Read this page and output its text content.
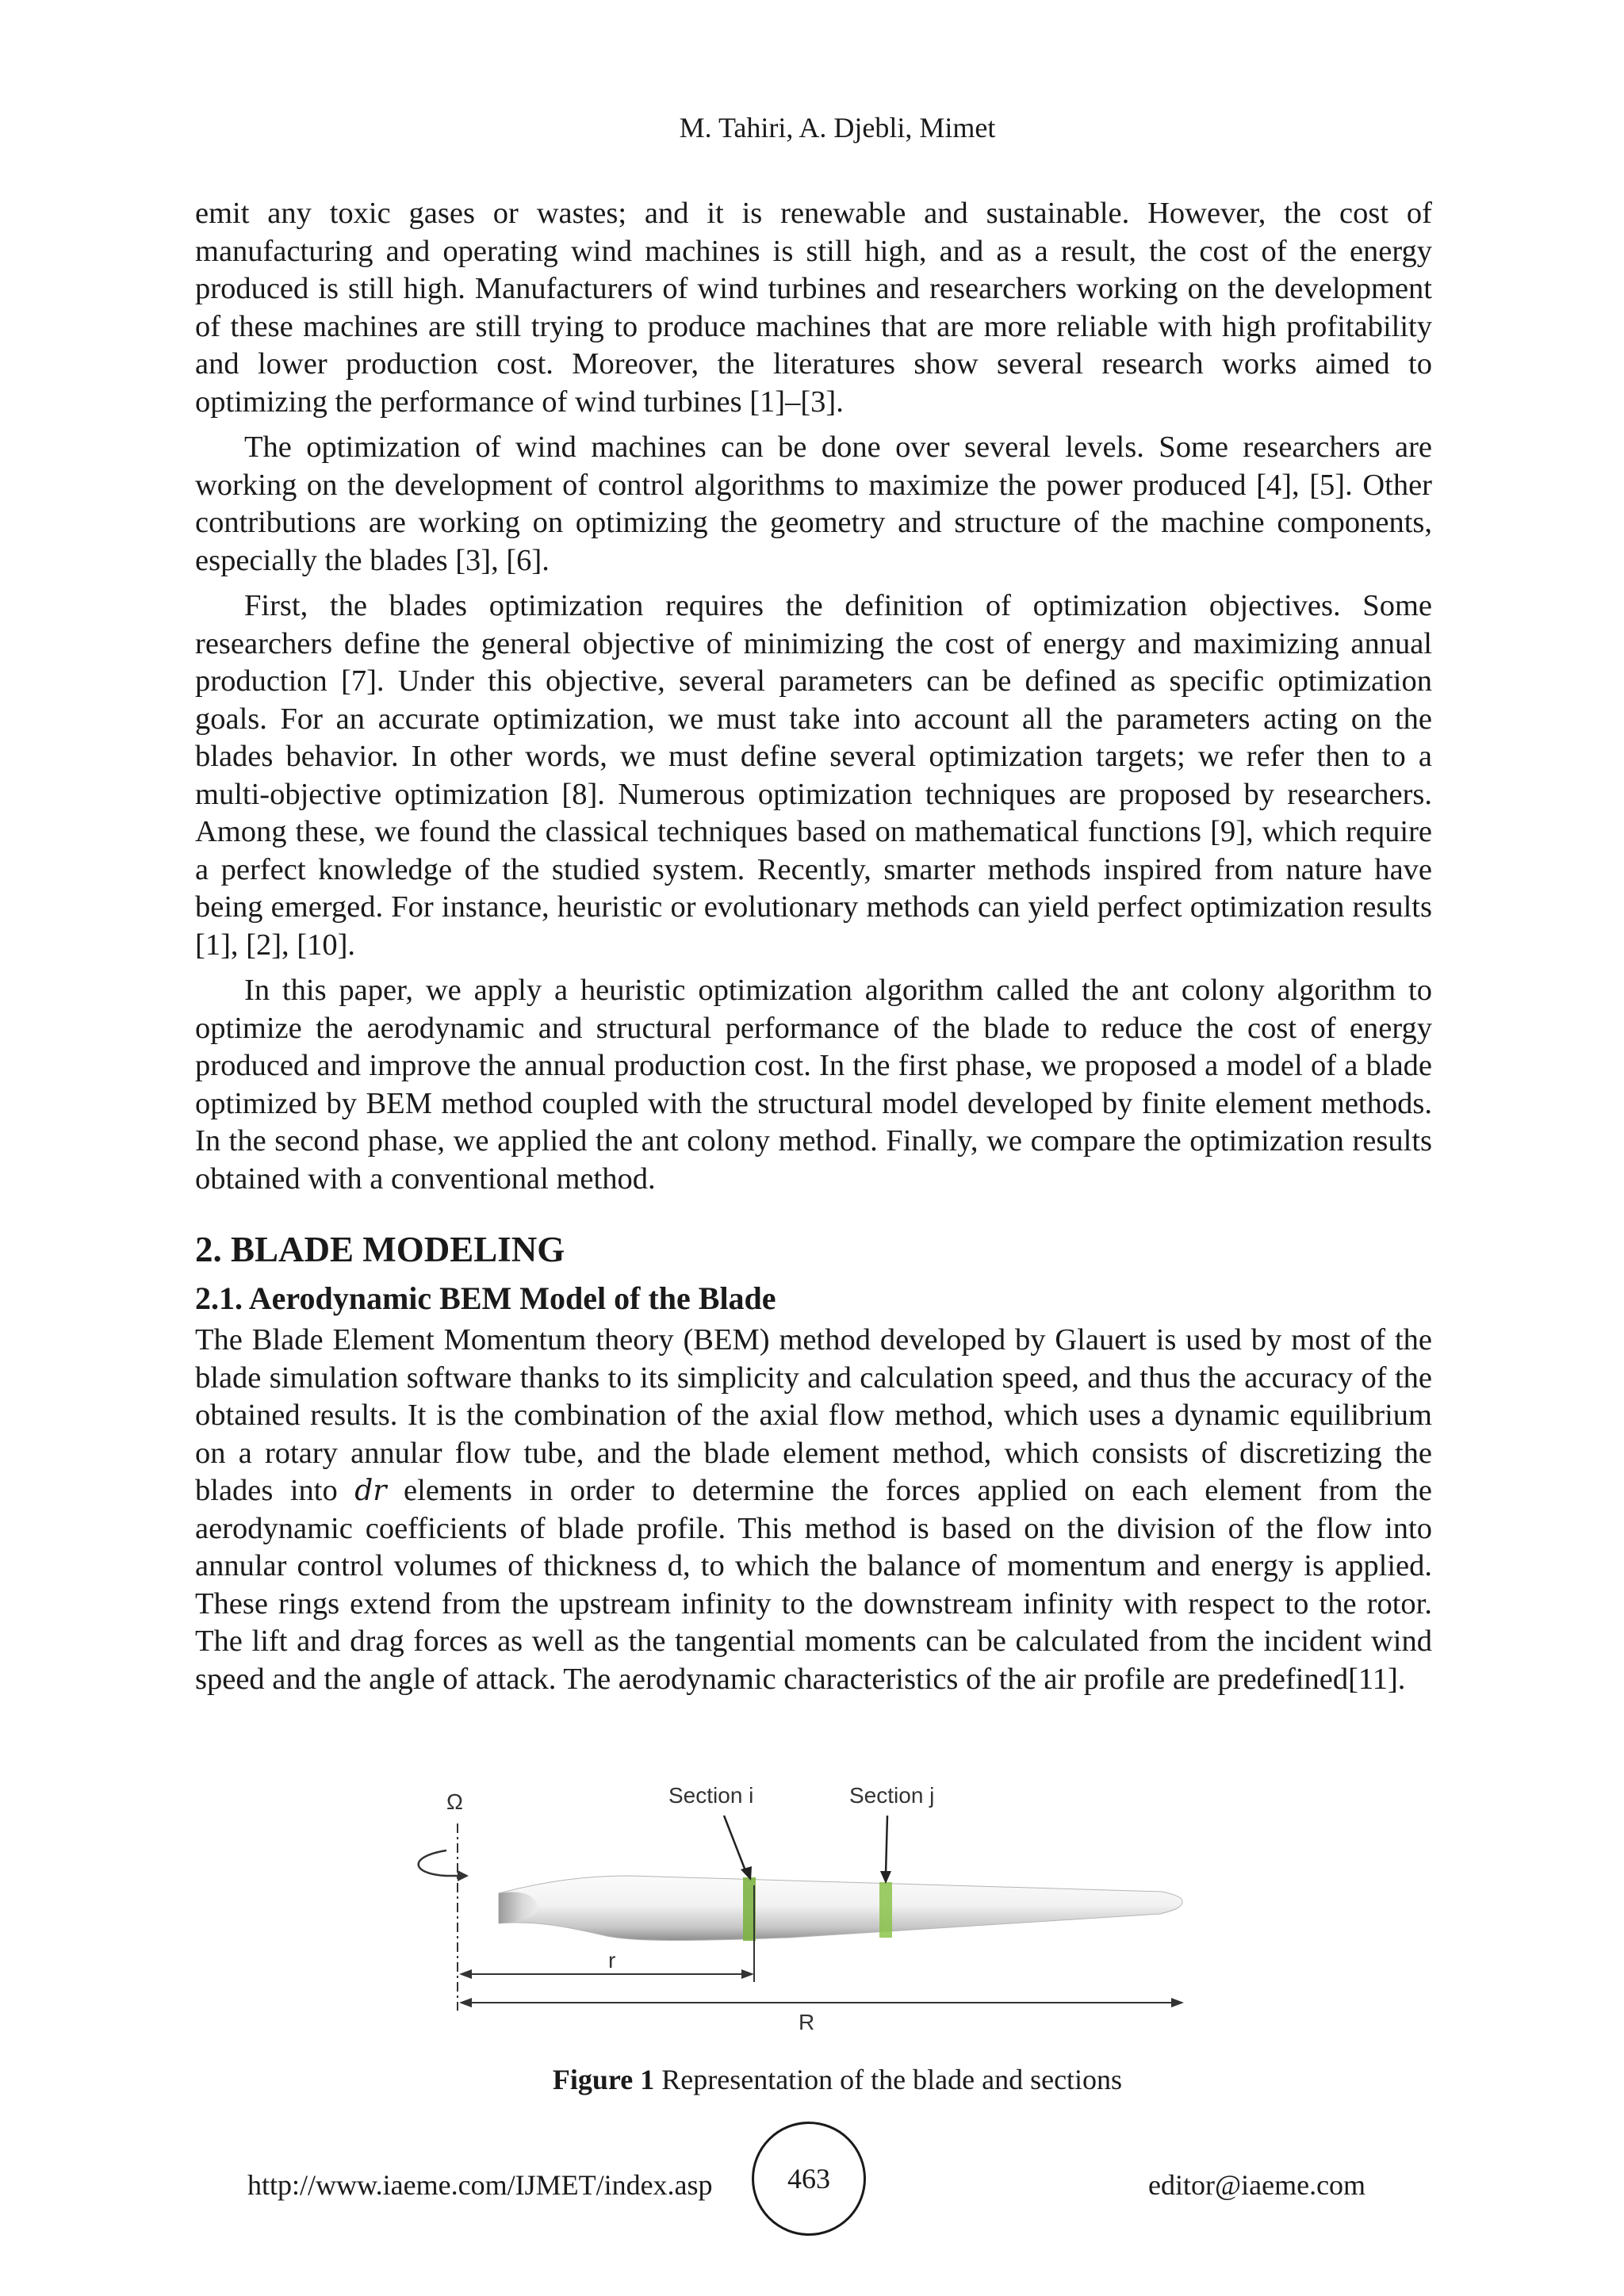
M. Tahiri, A. Djebli, Mimet

emit any toxic gases or wastes; and it is renewable and sustainable. However, the cost of manufacturing and operating wind machines is still high, and as a result, the cost of the energy produced is still high. Manufacturers of wind turbines and researchers working on the development of these machines are still trying to produce machines that are more reliable with high profitability and lower production cost. Moreover, the literatures show several research works aimed to optimizing the performance of wind turbines [1]–[3].

The optimization of wind machines can be done over several levels. Some researchers are working on the development of control algorithms to maximize the power produced [4], [5]. Other contributions are working on optimizing the geometry and structure of the machine components, especially the blades [3], [6].

First, the blades optimization requires the definition of optimization objectives. Some researchers define the general objective of minimizing the cost of energy and maximizing annual production [7]. Under this objective, several parameters can be defined as specific optimization goals. For an accurate optimization, we must take into account all the parameters acting on the blades behavior. In other words, we must define several optimization targets; we refer then to a multi-objective optimization [8]. Numerous optimization techniques are proposed by researchers. Among these, we found the classical techniques based on mathematical functions [9], which require a perfect knowledge of the studied system. Recently, smarter methods inspired from nature have being emerged. For instance, heuristic or evolutionary methods can yield perfect optimization results [1], [2], [10].

In this paper, we apply a heuristic optimization algorithm called the ant colony algorithm to optimize the aerodynamic and structural performance of the blade to reduce the cost of energy produced and improve the annual production cost. In the first phase, we proposed a model of a blade optimized by BEM method coupled with the structural model developed by finite element methods. In the second phase, we applied the ant colony method. Finally, we compare the optimization results obtained with a conventional method.

2. BLADE MODELING
2.1. Aerodynamic BEM Model of the Blade

The Blade Element Momentum theory (BEM) method developed by Glauert is used by most of the blade simulation software thanks to its simplicity and calculation speed, and thus the accuracy of the obtained results. It is the combination of the axial flow method, which uses a dynamic equilibrium on a rotary annular flow tube, and the blade element method, which consists of discretizing the blades into dr elements in order to determine the forces applied on each element from the aerodynamic coefficients of blade profile. This method is based on the division of the flow into annular control volumes of thickness d, to which the balance of momentum and energy is applied. These rings extend from the upstream infinity to the downstream infinity with respect to the rotor. The lift and drag forces as well as the tangential moments can be calculated from the incident wind speed and the angle of attack. The aerodynamic characteristics of the air profile are predefined[11].

Ω	Section i	Section j
r
R
Figure 1 Representation of the blade and sections
http://www.iaeme.com/IJMET/index.asp	463	editor@iaeme.com
